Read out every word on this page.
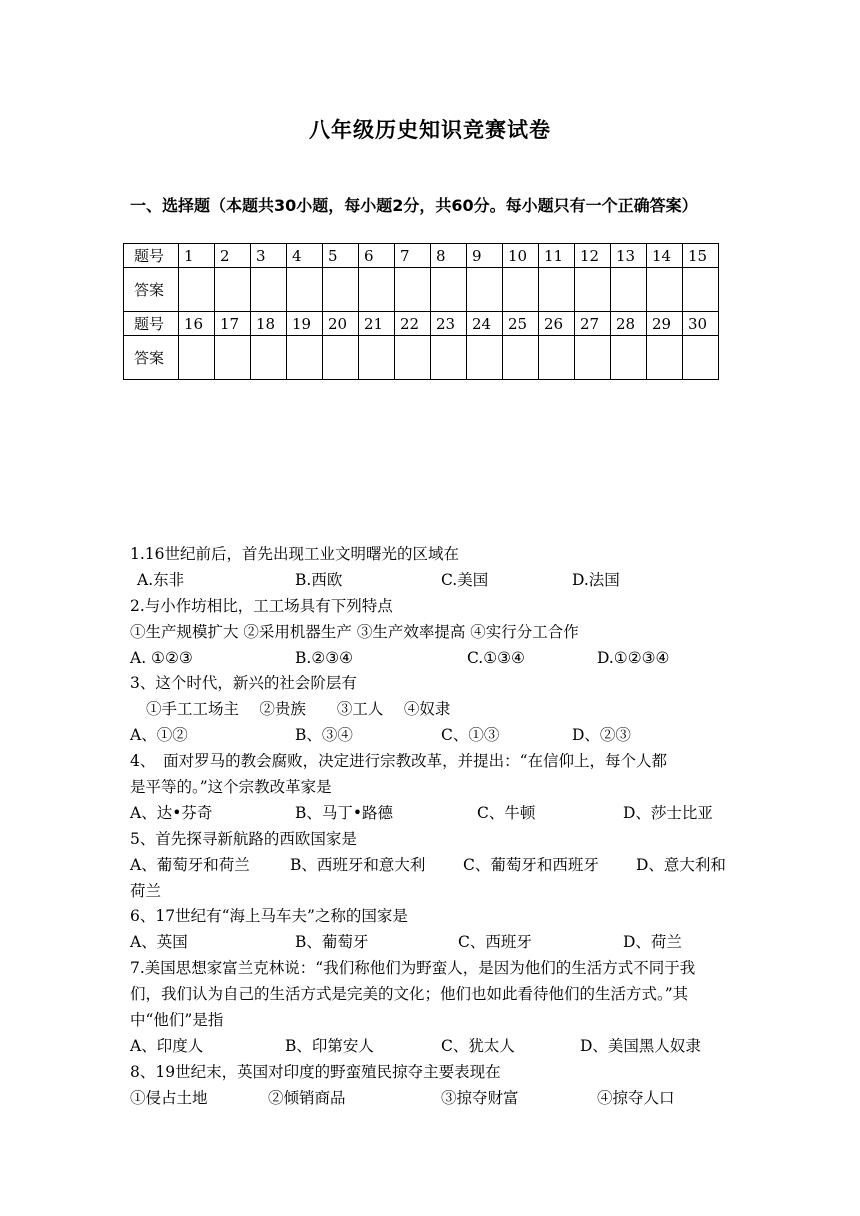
八年级历史知识竞赛试卷
一、选择题（本题共30小题，每小题2分，共60分。每小题只有一个正确答案）
题号	1	2	3	4	5	6	7	8	9	10	11	12	13	14	15
答案															
题号	16	17	18	19	20	21	22	23	24	25	26	27	28	29	30
答案															
1.16世纪前后，首先出现工业文明曙光的区域在
A.东非	B.西欧	C.美国	D.法国
2.与小作坊相比，工工场具有下列特点
①生产规模扩大 ②采用机器生产 ③生产效率提高 ④实行分工合作
A. ①②③	B.②③④	C.①③④	D.①②③④
3、这个时代，新兴的社会阶层有
①手工工场主　 ②贵族　　③工人　 ④奴隶
A、①②	B、③④	C、①③	D、②③
4、　面对罗马的教会腐败，决定进行宗教改革，并提出：“在信仰上，每个人都
是平等的。”这个宗教改革家是
A、达•芬奇	B、马丁•路德	C、牛顿	D、莎士比亚
5、首先探寻新航路的西欧国家是
A、葡萄牙和荷兰	B、西班牙和意大利 C、葡萄牙和西班牙 D、意大利和
荷兰
6、17世纪有“海上马车夫”之称的国家是
A、英国	B、葡萄牙	C、西班牙	D、荷兰
7.美国思想家富兰克林说：“我们称他们为野蛮人，是因为他们的生活方式不同于我
们，我们认为自己的生活方式是完美的文化；他们也如此看待他们的生活方式。”其
中“他们”是指
A、印度人	B、印第安人	C、犹太人	D、美国黑人奴隶
8、19世纪末，英国对印度的野蛮殖民掠夺主要表现在
①侵占土地	②倾销商品	③掠夺财富	④掠夺人口
